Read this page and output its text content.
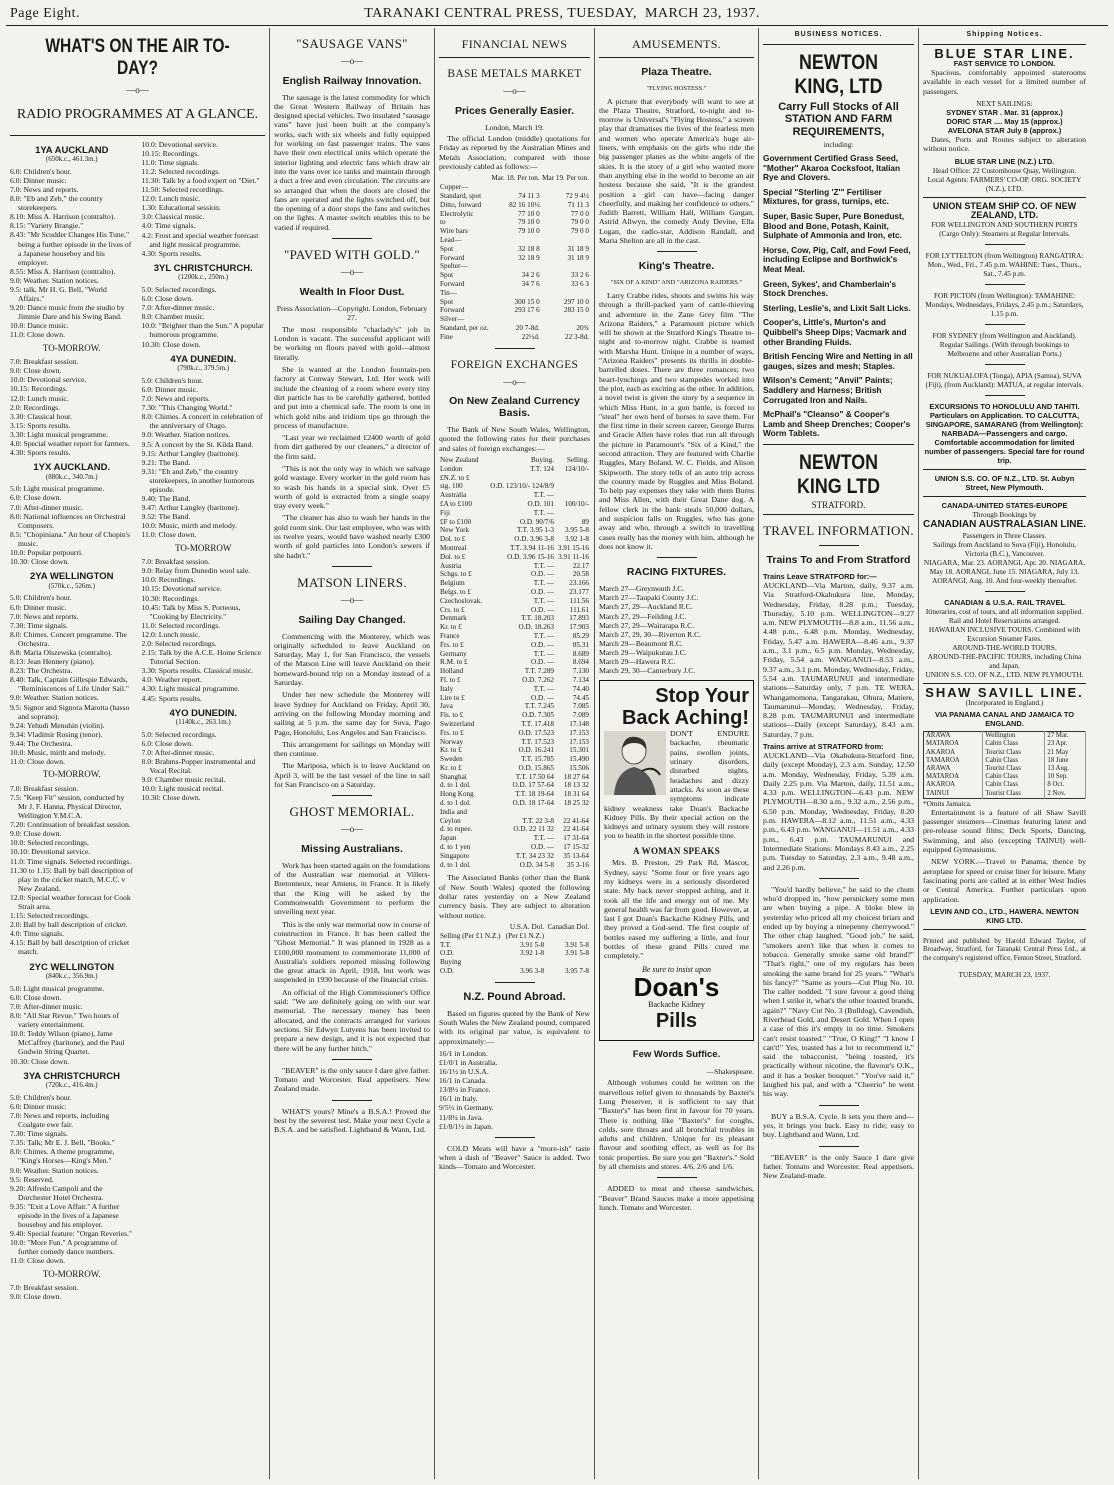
Page Eight.	TARANAKI CENTRAL PRESS, TUESDAY, MARCH 23, 1937.
WHAT'S ON THE AIR TO-DAY?
—o—
RADIO PROGRAMMES AT A GLANCE.
1YA AUCKLAND
(650k.c., 461.3m.)
6.0: Children's hour.
6.0: Dinner music.
7.0: News and reports.
8.0: "Eb and Zeb," the country storekeepers.
8.10: Miss A. Harrison (contralto).
8.15: "Variety Brangie."
8.43: "Mr Scudder Changes His Tune," being a further episode in the lives of a Japanese houseboy and his employer.
8.55: Miss A. Harrison (contralto).
9.0: Weather. Station notices.
9.5: talk, Mr H. G. Bell, "World Affairs."
9.20: Dance music from the studio by Jimmie Dare and his Swing Band.
10.0: Dance music.
11.0: Close down.
TO-MORROW.
7.0: Breakfast session.
9.0: Close down.
10.0: Devotional service.
10.15: Recordings.
12.0: Lunch music.
2.0: Recordings.
3.30: Classical hour.
3.15: Sports results.
3.30: Light musical programme.
4.0: Special weather report for farmers.
4.30: Sports results.
1YX AUCKLAND.
(880k.c., 340.7m.)
5.0: Light musical programme.
6.0: Close down.
7.0: After-dinner music.
8.0: National influences on Orchestral Composers.
8.5: "Chopiniana." An hour of Chopin's music.
10.0: Popular potpourri.
10.30: Close down.
2YA WELLINGTON
(570k.c., 526m.)
5.0: Children's hour.
6.0: Dinner music.
7.0: News and reports.
7.30: Time signals.
8.0: Chimes. Concert programme. The Orchestra.
8.8: Maria Olszewska (contralto).
8.13: Jean Hennery (piano).
8.23: The Orchestra.
8.40: Talk, Captain Gillespie Edwards, "Reminiscences of Life Under Sail."
9.0: Weather. Station notices.
9.5: Signor and Signora Marotta (basso and soprano).
9.24: Yehudi Menuhin (violin).
9.34: Vladimir Rosing (tenor).
9.44: The Orchestra.
10.0: Music, mirth and melody.
11.0: Close down.
TO-MORROW.
7.0: Breakfast session.
7.5: "Keep Fit" session, conducted by Mr J. F. Hanna, Physical Director, Wellington Y.M.C.A.
7.20: Continuation of breakfast session.
9.0: Close down.
10.0: Selected recordings.
10.10: Devotional service.
11.0: Time signals. Selected recordings.
11.30 to 1.15: Ball by ball description of play in the cricket match, M.C.C. v New Zealand.
12.0: Special weather forecast for Cook Strait area.
1.15: Selected recordings.
2.0: Ball by ball description of cricket.
4.0: Time signals.
4.15: Ball by ball description of cricket match.
2YC WELLINGTON
(840k.c., 356.9m.)
5.0: Light musical programme.
6.0: Close down.
7.0: After-dinner music.
8.0: "All Star Revue." Two hours of variety entertainment.
10.0: Teddy Wilson (piano), Jame McCaffrey (baritone), and the Paul Godwin String Quartet.
10.30: Close down.
3YA CHRISTCHURCH
(720k.c., 416.4m.)
5.0: Children's hour.
6.0: Dinner music.
7.0: News and reports, including Coalgate ewe fair.
7.30: Time signals.
7.35: Talk; Mr E. J. Bell, "Books."
8.0: Chimes. A theme programme, "King's Horses—King's Men."
9.0: Weather. Station notices.
9.5: Reserved.
9.20: Alfredo Campoli and the Dorchester Hotel Orchestra.
9.35: "Exit a Love Affair." A further episode in the lives of a Japanese houseboy and his employer.
9.40: Special feature: "Organ Reveries."
10.0: "More Fun." A programme of further comedy dance numbers.
11.0: Close down.
TO-MORROW.
7.0: Breakfast session.
9.0: Close down.
10.0: Devotional service.
10.15: Recordings.
11.0: Time signals.
11.2: Selected recordings.
11.30: Talk by a food expert on "Diet."
11.50: Selected recordings.
12.0: Lunch music.
1.30: Educational session.
3.0: Classical music.
4.0: Time signals.
4.2: Frost and special weather forecast and light musical programme.
4.30: Sports results.
3YL CHRISTCHURCH.
(1200k.c., 250m.)
5.0: Selected recordings.
6.0: Close down.
7.0: After-dinner music.
8.0: Chamber music.
10.0: "Brighter than the Sun." A popular humorous programme.
10.30: Close down.
4YA DUNEDIN.
(790k.c., 379.5m.)
5.0: Children's hour.
6.0: Dinner music.
7.0: News and reports.
7.30: "This Changing World."
8.0: Chimes. A concert in celebration of the anniversary of Otago.
9.0: Weather. Station notices.
9.5: A concert by the St. Kilda Band.
9.15: Arthur Langley (baritone).
9.21: The Band.
9.31: "Eb and Zeb," the country storekeepers, in another humorous episode.
9.40: The Band.
9.47: Arthur Langley (baritone).
9.52: The Band.
10.0: Music, mirth and melody.
11.0: Close down.
TO-MORROW
7.0: Breakfast session.
9.0: Relay from Dunedin wool sale.
10.0: Recordings.
10.15: Devotional service.
10.30: Recordings.
10.45: Talk by Miss S. Porteous, "Cooking by Electricity."
11.0: Selected recordings.
12.0: Lunch music.
2.0: Selected recordings.
2.15: Talk by the A.C.E. Home Science Tutorial Section.
3.30: Sports results. Classical music.
4.0: Weather report.
4.30: Light musical programme.
4.45: Sports results.
4YO DUNEDIN.
(1140k.c., 263.1m.)
5.0: Selected recordings.
6.0: Close down.
7.0: After-dinner music.
8.0: Brahms-Popper instrumental and Vocal Recital.
9.0: Chamber music recital.
10.0: Light musical recital.
10.30: Close down.
"SAUSAGE VANS"
—o—
English Railway Innovation.

The sausage is the latest commodity for which the Great Western Railway of Britain has designed special vehicles. Two insulated "sausage vans" have just been built at the company's works, each with six wheels and fully equipped for working on fast passenger trains. The vans have their own electrical units which operate the interior lighting and electric fans which draw air into the vans over ice tanks and maintain through a duct a free and even circulation. The circuits are so arranged that when the doors are closed the fans are operated and the lights switched off, but the opening of a door stops the fans and switches on the lights. A master switch enables this to be varied if required.

"PAVED WITH GOLD."
—o—
Wealth In Floor Dust.
Press Association—Copyright. London, February 27.

The most responsible "charlady's" job in London is vacant. The successful applicant will be working on floors paved with gold—almost literally.

She is wanted at the London fountain-pen factory at Conway Stewart, Ltd. Her work will include the cleaning of a room where every tiny dirt particle has to be carefully gathered, bottled and put into a chemical safe. The room is one in which gold nibs and iridium tips go through the process of manufacture.

"Last year we reclaimed £2400 worth of gold from dirt gathered by our cleaners," a director of the firm said.

"This is not the only way in which we salvage gold wastage. Every worker in the gold room has to wash his hands in a special sink. Over £5 worth of gold is extracted from a single soapy tray every week."

"The cleaner has also to wash her hands in the gold room sink. Our last employee, who was with us twelve years, would have washed nearly £300 worth of gold particles into London's sewers if she hadn't."

MATSON LINERS.
—o—
Sailing Day Changed.

Commencing with the Monterey, which was originally scheduled to leave Auckland on Saturday, May 1, for San Francisco, the vessels of the Matson Line will leave Auckland on their homeward-bound trip on a Monday instead of a Saturday.

Under her new schedule the Monterey will leave Sydney for Auckland on Friday, April 30, arriving on the following Monday morning and sailing at 5 p.m. the same day for Suva, Pago Pago, Honolulu, Los Angeles and San Francisco.

This arrangement for sailings on Monday will then continue.

The Mariposa, which is to leave Auckland on April 3, will be the last vessel of the line to sail for San Francisco on a Saturday.

GHOST MEMORIAL.
—o—
Missing Australians.

Work has been started again on the foundations of the Australian war memorial at Villers-Bretonneux, near Amiens, in France. It is likely that the King will be asked by the Commonwealth Government to perform the unveiling next year.

This is the only war memorial now in course of construction in France. It has been called the "Ghost Memorial." It was planned in 1928 as a £100,000 monument to commemorate 11,000 of Australia's soldiers reported missing following the great attack in April, 1918, but work was suspended in 1930 because of the financial crisis.

An official of the High Commissioner's Office said: "We are definitely going on with our war memorial. The necessary money has been allocated, and the contracts arranged for various sections. Sir Edwyn Lutyens has been invited to prepare a new design, and it is not expected that there will be any further hitch."

"BEAVER" is the only sauce I dare give father. Tomato and Worcester. Real appetisers. New Zealand made.

WHAT'S yours? Mine's a B.S.A.! Proved the best by the severest test. Make your next Cycle a B.S.A. and be satisfied. Lightband & Wann, Ltd.

FINANCIAL NEWS
BASE METALS MARKET
—o—
Prices Generally Easier.
London, March 19.

The official London (middle) quotations for Friday as reported by the Australian Mines and Metals Association, compared with those previously cabled as follows:—

	Mar. 18. Per ton.	Mar 19. Per ton.
Copper—		
Standard, spot	74 11 3	72 9 4½
Ditto, forward	82 16 10½	71 11 3
Electrolytic	77 10 0	77 0 0
to	79 10 0	79 0 0
Wire bars	79 10 0	79 0 0
Lead—		
Spot	32 18 8	31 18 9
Forward	32 18 9	31 18 9
Spelter—		
Spot	34 2 6	33 2 6
Forward	34 7 6	33 6 3
Tin—		
Spot	300 15 0	297 10 0
Forward	293 17 6	283 15 0
Silver—		
Standard, per oz.	20 7-8d.	20¾
Fine	22½d.	22 3-8d.
FOREIGN EXCHANGES
—o—
On New Zealand Currency Basis.

The Bank of New South Wales, Wellington, quoted the following rates for their purchases and sales of foreign exchanges:—

New Zealand	Buying.	Selling.
London	T.T. 124	124/10/-
£N.Z. to £		
stg. 100	O.D. 123/10/- 124/8/9	
Australia	T.T. —	
£A to £100	O.D. 101	100/10/-
Fiji	T.T. —	
£F to £100	O.D. 90/7/6	89
New York	T.T. 3.95 1-3	3.95 5-8
Dol. to £	O.D. 3.96 3-8	3.92 1-8
Montreal	T.T. 3.94 11-16	3.91 15-16
Dol. to £	O.D. 3.96 15-16	3.91 11-16
Austria	T.T. —	22.17
Schgs. to £	O.D. —	20.58
Belgium	T.T. —	23.166
Belgs. to £	O.D. —	23.177
Czechoslovak.	T.T. —	111.56
Crs. to £	O.D. —	111.61
Denmark	T.T. 18.203	17.893
Kr. to £	O.D. 18.263	17.903
France	T.T. —	85.29
Frs. to £	O.D. —	85.31
Germany	T.T. —	8.689
R.M. to £	O.D. —	8.694
Holland	T.T. 7.289	7.130
Fl. to £	O.D. 7.262	7.134
Italy	T.T. —	74.40
Lire to £	O.D. —	74.45
Java	T.T. 7.245	7.085
Fls. to £	O.D. 7.305	7.089
Switzerland	T.T. 17.418	17.148
Frs. to £	O.D. 17.523	17.153
Norway	T.T. 17.523	17.153
Kr. to £	O.D. 16.241	15.301
Sweden	T.T. 15.785	15.490
Kr. to £	O.D. 15.865	15.506
Shanghai	T.T. 17.50 64	18 27 64
d. to 1 dol.	O.D. 17 57-64	18 13 32
Hong Kong	T.T. 18 19-64	18 31 64
d. to 1 dol.	O.D. 18 17-64	18 25 32
India and		
Ceylon	T.T. 22 3-8	22 41-64
d. to rupee.	O.D. 22 11 32	22 41-64
Japan	T.T. —	17 31-64
d. to 1 yen	O.D. —	17 15-32
Singapore	T.T. 34 23 32	35 13-64
d. to 1 dol.	O.D. 34 5-8	35 3-16

The Associated Banks (other than the Bank of New South Wales) quoted the following dollar rates yesterday on a New Zealand currency basis. They are subject to alteration without notice.

	U.S.A. Dol.	Canadian Dol.
Selling (Per £1 N.Z.)	(Per £1 N.Z.)	
T.T.	3.91 5-8	3.91 5-8
O.D.	3.92 1-8	3.91 5-8
Buying		
O.D.	3.96 3-8	3.95 7-8
N.Z. Pound Abroad.

Based on figures quoted by the Bank of New South Wales the New Zealand pound, compared with its original par value, is equivalent to approximately:—

16/1 in London.
£1/0/1 in Australia.
16/1½ in U.S.A.
16/1 in Canada.
13/8½ in France.
16/1 in Italy.
9/5½ in Germany.
11/8¼ in Java.
£1/8/1½ in Japan.

COLD Meats will have a "more-ish" taste when a dash of "Beaver" Sauce is added. Two kinds—Tomato and Worcester.

AMUSEMENTS.
Plaza Theatre.
"FLYING HOSTESS."

A picture that everybody will want to see at the Plaza Theatre, Stratford, to-night and to-morrow is Universal's "Flying Hostess," a screen play that dramatises the lives of the fearless men and women who operate America's huge air-liners, with emphasis on the girls who ride the big passenger planes as the white angels of the skies. It is the story of a girl who wanted more than anything else in the world to become an air hostess because she said, "It is the grandest position a girl can have—facing danger cheerfully, and making her confidence to others." Judith Barrett, William Hall, William Gargan, Astrid Allwyn, the comedy Andy Devine, Ella Logan, the radio-star, Addison Randall, and Maria Shelton are all in the cast.

King's Theatre.
"SIX OF A KIND" AND "ARIZONA RAIDERS."

Larry Crabbe rides, shoots and swims his way through a thrill-packed yarn of cattle-thieving and adventure in the Zane Grey film "The Arizona Raiders," a Paramount picture which will be shown at the Stratford King's Theatre to-night and to-morrow night. Crabbe is teamed with Marsha Hunt. Unique in a number of ways, "Arizona Raiders" presents its thrills in double-barrelled doses. There are three romances; two heart-lynchings and two stampedes worked into the plot, each as exciting as the other. In addition, a novel twist is given the story by a sequence in which Miss Hunt, in a gun battle, is forced to "steal" her own herd of horses to save them. For the first time in their screen career, George Burns and Gracie Allen have roles that run all through the picture in Paramount's "Six of a Kind," the second attraction. They are featured with Charlie Ruggles, Mary Boland, W. C. Fields, and Alison Skipworth. The story tells of an auto trip across the country made by Ruggles and Miss Boland. To help pay expenses they take with them Burns and Miss Allen, with their Great Dane dog. A fellow clerk in the bank steals 50,000 dollars, and suspicion falls on Ruggles, who has gone away and who, through a switch in travelling cases really has the money with him, although he does not know it.

RACING FIXTURES.
March 27—Greymouth J.C.
March 27—Taupaki County J.C.
March 27, 29—Auckland R.C.
March 27, 29—Feilding J.C.
March 27, 29—Wairarapa R.C.
March 27, 29, 30—Riverton R.C.
March 29—Beaumont R.C.
March 29—Waipukurau J.C.
March 29—Hawera R.C.
March 29, 30—Canterbury J.C.
Stop Your Back Aching!

DON'T ENDURE backache, rheumatic pains, swollen joints, urinary disorders, disturbed nights, headaches and dizzy attacks. As soon as these symptoms indicate kidney weakness take Doan's Backache Kidney Pills. By their special action on the kidneys and urinary system they will restore you to health in the shortest possible time.

A WOMAN SPEAKS

Mrs. B. Preston, 29 Park Rd, Mascot, Sydney, says: "Some four or five years ago my kidneys were in a seriously disordered state. My back never stopped aching, and it took all the life and energy out of me. My general health was far from good. However, at last I got Doan's Backache Kidney Pills, and they proved a God-send. The first couple of bottles eased my suffering a little, and four bottles of these grand Pills cured me completely."

Be sure to insist upon
Doan's
Backache Kidney
Pills
Few Words Suffice.
—Shakespeare.

Although volumes could be written on the marvellous relief given to thousands by Baxter's Lung Preserver, it is sufficient to say that "Baxter's" has been first in favour for 70 years. There is nothing like "Baxter's" for coughs, colds, sore throats and all bronchial troubles in adults and children. Unique for its pleasant flavour and soothing effect, as well as for its tonic properties. Be sure you get "Baxter's." Sold by all chemists and stores. 4/6, 2/6 and 1/6.

ADDED to meat and cheese sandwiches, "Beaver" Brand Sauces make a more appetising lunch. Tomato and Worcester.

BUSINESS NOTICES.
NEWTON KING, LTD
Carry Full Stocks of All STATION AND FARM REQUIREMENTS,
including:
Government Certified Grass Seed, "Mother" Akaroa Cocksfoot, Italian Rye and Clovers.
Special "Sterling 'Z'" Fertiliser Mixtures, for grass, turnips, etc.
Super, Basic Super, Pure Bonedust, Blood and Bone, Potash, Kainit, Sulphate of Ammonia and Iron, etc.
Horse, Cow, Pig, Calf, and Fowl Feed, including Eclipse and Borthwick's Meat Meal.
Green, Sykes', and Chamberlain's Stock Drenches.
Sterling, Leslie's, and Lixit Salt Licks.
Cooper's, Little's, Murton's and Quibbell's Sheep Dips; Vacmark and other Branding Fluids.
British Fencing Wire and Netting in all gauges, sizes and mesh; Staples.
Wilson's Cement; "Anvil" Paints; Saddlery and Harness; British Corrugated Iron and Nails.
McPhail's "Cleanso" & Cooper's Lamb and Sheep Drenches; Cooper's Worm Tablets.
NEWTON KING LTD
STRATFORD.
TRAVEL INFORMATION.
Trains To and From Stratford
Trains Leave STRATFORD for:—

AUCKLAND—Via Marton, daily, 9.37 a.m. Via Stratford-Okahukura line, Monday, Wednesday, Friday, 8.28 p.m.; Tuesday, Thursday, 5.10 p.m. WELLINGTON—9.27 a.m. NEW PLYMOUTH—8.8 a.m., 11.56 a.m., 4.48 p.m., 6.48 p.m. Monday, Wednesday, Friday, 5.47 a.m. HAWERA—8.46 a.m., 9.37 a.m., 3.1 p.m., 6.5 p.m. Monday, Wednesday, Friday, 5.54 a.m. WANGANUI—8.53 a.m., 9.37 a.m., 3.1 p.m. Monday, Wednesday, Friday, 5.54 a.m. TAUMARUNUI and intermediate stations—Saturday only, 7 p.m. TE WERA, Whangamomona, Tangarakau, Ohura, Matiere, Taumarunui—Monday, Wednesday, Friday, 8.28 p.m. TAUMARUNUI and intermediate stations—Daily (except Saturday), 8.43 a.m. Saturday, 7 p.m.

Trains arrive at STRATFORD from:

AUCKLAND—Via Okahukura-Stratford line, daily (except Monday), 2.3 a.m. Sunday, 12.50 a.m. Monday, Wednesday, Friday, 5.39 a.m. Daily 2.25 p.m. Via Marton, daily, 11.51 a.m., 4.33 p.m. WELLINGTON—6.43 p.m. NEW PLYMOUTH—8.30 a.m., 9.32 a.m., 2.56 p.m., 6.50 p.m. Monday, Wednesday, Friday, 8.20 p.m. HAWERA—8.12 a.m., 11.51 a.m., 4.33 p.m., 6.43 p.m. WANGANUI—11.51 a.m., 4.33 p.m., 6.43 p.m. TAUMARUNUI and Intermediate Stations: Mondays 8.43 a.m., 2.25 p.m. Tuesday to Saturday, 2.3 a.m., 9.48 a.m., and 2.26 p.m.

"You'd hardly believe," he said to the chum who'd dropped in, "how persnickety some men are when buying a pipe. A bloke blew in yesterday who priced all my choicest briars and ended up by buying a ninepenny cherrywood." The other chap laughed. "Good job," he said, "smokers aren't like that when it comes to tobacco. Generally smoke same old brand?" "That's right," one of my regulars has been smoking the same brand for 25 years." "What's his fancy?" "Same as yours—Cut Plug No. 10. The caller nodded. "I sure favour a good thing when I strike it, what's the other toasted brands, again?" "Navy Cut No. 3 (Bulldog), Cavendish, Riverhead Gold, and Desert Gold. When I open a case of this it's empty in no time. Smokers can't resist toasted." "True, O King!" "I know I can't!" Yes, toasted has a lot to recommend it," said the tobacconist, "being toasted, it's practically without nicotine, the flavour's O.K., and it has a bosker bouquet." "You've said it," laughed his pal, and with a "Cheerio" he went his way.

BUY a B.S.A. Cycle. It sets you there and—yes, it brings you back. Easy to ride; easy to buy. Lightband and Wann, Ltd.

"BEAVER" is the only Sauce I dare give father. Tomato and Worcester. Real appetisers. New Zealand-made.

Shipping Notices.
BLUE STAR LINE.
FAST SERVICE TO LONDON.

Spacious, comfortably appointed staterooms available in each vessel for a limited number of passengers.

NEXT SAILINGS:
SYDNEY STAR . Mar. 31 (approx.)
DORIC STAR .... May 15 (approx.)
AVELONA STAR July 8 (approx.)

Dates, Ports and Routes subject to alteration without notice.

BLUE STAR LINE (N.Z.) LTD.
Head Office: 22 Customhouse Quay, Wellington.
Local Agents: FARMERS' CO-OP. ORG. SOCIETY (N.Z.), LTD.
UNION STEAM SHIP CO. OF NEW ZEALAND, LTD.
FOR WELLINGTON AND SOUTHERN PORTS (Cargo Only): Steamers at Regular Intervals.
FOR LYTTELTON (from Wellington) RANGATIRA: Mon., Wed., Fri., 7.45 p.m. WAHINE: Tues., Thurs., Sat., 7.45 p.m.
FOR PICTON (from Wellington): TAMAHINE: Mondays, Wednesdays, Fridays, 2.45 p.m.; Saturdays, 1.15 p.m.
FOR SYDNEY (from Wellington and Auckland). Regular Sailings. (With through bookings to Melbourne and other Australian Ports.)
FOR NUKUALOFA (Tonga), APIA (Samoa), SUVA (Fiji), (from Auckland): MATUA, at regular intervals.
EXCURSIONS TO HONOLULU AND TAHITI. Particulars on Application. TO CALCUTTA, SINGAPORE, SAMARANG (from Wellington): NARBADA—Passengers and cargo. Comfortable accommodation for limited number of passengers. Special fare for round trip.
UNION S.S. CO. OF N.Z., LTD. St. Aubyn Street, New Plymouth.
CANADA-UNITED STATES-EUROPE
Through Bookings by
CANADIAN AUSTRALASIAN LINE.
Passengers in Three Classes.
Sailings from Auckland to Suva (Fiji), Honolulu, Victoria (B.C.), Vancouver.
NIAGARA, Mar. 23. AORANGI, Apr. 20. NIAGARA, May 18. AORANGI, June 15. NIAGARA, July 13. AORANGI, Aug. 10. And four-weekly thereafter.
CANADIAN & U.S.A. RAIL TRAVEL
Itineraries, cost of tours, and all information supplied. Rail and Hotel Reservations arranged.
HAWAIIAN INCLUSIVE TOURS. Combined with Excursion Steamer Fares.
AROUND-THE-WORLD TOURS.
AROUND-THE-PACIFIC TOURS, including China and Japan.
UNION S.S. CO. OF N.Z., LTD. NEW PLYMOUTH.
SHAW SAVILL LINE.
(Incorporated in England.)
VIA PANAMA CANAL AND JAMAICA TO ENGLAND.
ARAWA	Wellington	27 Mar.
MATAROA	Cabin Class	23 Apr.
AKAROA	Tourist Class	21 May
TAMAROA	Cabin Class	18 June
ARAWA	Tourist Class	13 Aug.
MATAROA	Cabin Class	10 Sep.
AKAROA	Cabin Class	8 Oct.
TAINUI	Tourist Class	2 Nov.
*Omits Jamaica.

Entertainment is a feature of all Shaw Savill passenger steamers—Cinemas featuring latest and pre-release sound films; Deck Sports, Dancing, Swimming, and also (excepting TAINUI) well-equipped Gymnasiums.

NEW YORK.—Travel to Panama, thence by aeroplane for speed or cruise liner for leisure. Many fascinating ports are called at in either West Indies or Central America. Further particulars upon application.

LEVIN AND CO., LTD., HAWERA. NEWTON KING LTD.

Printed and published by Harold Edward Taylor, of Broadway, Stratford, for Taranaki Central Press Ltd., at the company's registered office, Fenton Street, Stratford.

TUESDAY, MARCH 23, 1937.
